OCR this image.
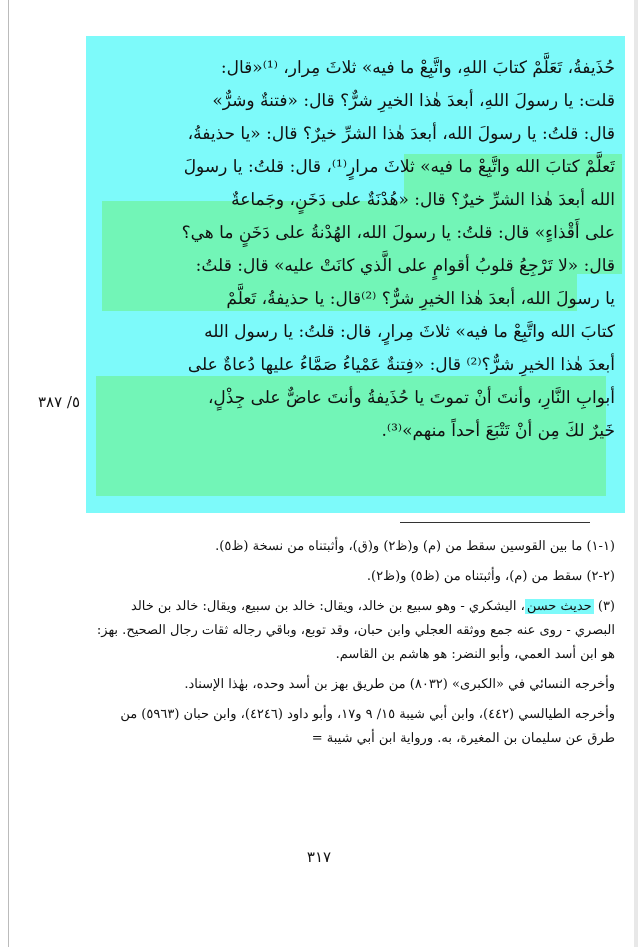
حُذَيفةُ، تَعَلَّمْ كتابَ اللهِ، واتَّبِعْ ما فيه» ثلاثَ مِرار، ⁽¹⁾«قال:
قلت: يا رسولَ اللهِ، أبعدَ هٰذا الخيرِ شرٌّ؟ قال: «فتنةٌ وشرٌّ»
قال: قلتُ: يا رسولَ الله، أبعدَ هٰذا الشرِّ خيرٌ؟ قال: «يا حذيفةُ،
تَعلَّمْ كتابَ الله واتَّبِعْ ما فيه» ثلاثَ مرارٍ⁽¹⁾، قال: قلتُ: يا رسولَ
الله أبعدَ هٰذا الشرِّ خيرٌ؟ قال: «هُدْنَةٌ على دَخَنٍ، وجَماعةٌ
على أَقْذاءٍ» قال: قلتُ: يا رسولَ الله، الهُدْنةُ على دَخَنٍ ما هي؟
قال: «لا تَرْجِعُ قلوبُ أقوامٍ على الَّذي كانَتْ عليه» قال: قلتُ:
يا رسولَ الله، أبعدَ هٰذا الخيرِ شرٌّ؟ ⁽²⁾قال: يا حذيفةُ، تَعلَّمْ
كتابَ الله واتَّبِعْ ما فيه» ثلاثَ مِرارٍ، قال: قلتُ: يا رسول الله
أبعدَ هٰذا الخيرِ شرٌّ؟⁽²⁾ قال: «فِتنةٌ عَمْياءُ صَمَّاءُ عليها دُعاةٌ على
أبوابِ النَّارِ، وأنتَ أنْ تموتَ يا حُذَيفةُ وأنتَ عاضٌّ على جِذْلٍ،
خَيرٌ لكَ مِن أنْ تَتْبَعَ أحداً منهم»⁽³⁾.
٥/ ٣٨٧

(١-١) ما بين القوسين سقط من (م) و(ظ٢) و(ق)، وأثبتناه من نسخة (ظ٥).

(٢-٢) سقط من (م)، وأثبتناه من (ظ٥) و(ظ٢).

(٣) حديث حسن، اليشكري - وهو سبيع بن خالد، ويقال: خالد بن سبيع، ويقال: خالد بن خالد البصري - روى عنه جمع ووثقه العجلي وابن حبان، وقد توبع، وباقي رجاله ثقات رجال الصحيح. بهز: هو ابن أسد العمي، وأبو النضر: هو هاشم بن القاسم.

وأخرجه النسائي في «الكبرى» (٨٠٣٢) من طريق بهز بن أسد وحده، بهٰذا الإسناد.

وأخرجه الطيالسي (٤٤٢)، وابن أبي شيبة ١٥/ ٩ و١٧، وأبو داود (٤٢٤٦)، وابن حبان (٥٩٦٣) من طرق عن سليمان بن المغيرة، به. ورواية ابن أبي شيبة =

٣١٧
